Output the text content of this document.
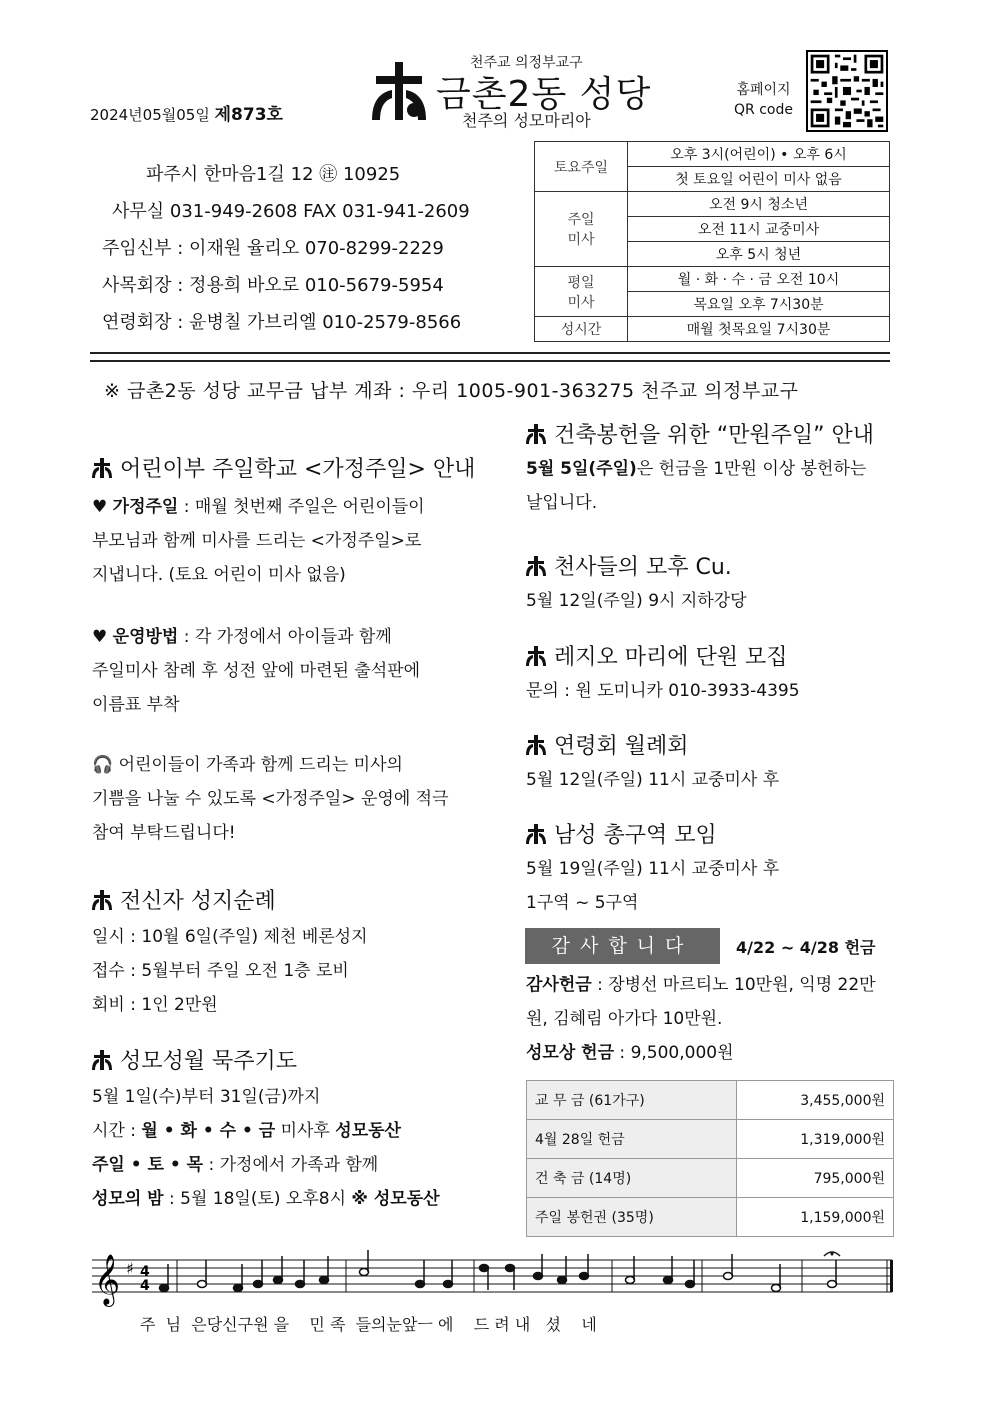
2024년05월05일 제873호
천주교 의정부교구
금촌2동 성당
천주의 성모마리아
홈페이지
QR code
파주시 한마음1길 12 ㊟ 10925
사무실 031-949-2608 FAX 031-941-2609
주임신부 : 이재원 율리오 070-8299-2229
사목회장 : 정용희 바오로 010-5679-5954
연령회장 : 윤병칠 가브리엘 010-2579-8566
토요주일	오후 3시(어린이) • 오후 6시
	첫 토요일 어린이 미사 없음
주일
미사	오전 9시 청소년
	오전 11시 교중미사
	오후 5시 청년
평일
미사	월 · 화 · 수 · 금 오전 10시
	목요일 오후 7시30분
성시간	매월 첫목요일 7시30분
※ 금촌2동 성당 교무금 납부 계좌 : 우리 1005-901-363275 천주교 의정부교구
어린이부 주일학교 <가정주일> 안내
♥ 가정주일 : 매월 첫번째 주일은 어린이들이
부모님과 함께 미사를 드리는 <가정주일>로
지냅니다. (토요 어린이 미사 없음)
♥ 운영방법 : 각 가정에서 아이들과 함께
주일미사 참례 후 성전 앞에 마련된 출석판에
이름표 부착
🎧 어린이들이 가족과 함께 드리는 미사의
기쁨을 나눌 수 있도록 <가정주일> 운영에 적극
참여 부탁드립니다!
전신자 성지순례
일시 : 10월 6일(주일) 제천 베론성지
접수 : 5월부터 주일 오전 1층 로비
회비 : 1인 2만원
성모성월 묵주기도
5월 1일(수)부터 31일(금)까지
시간 : 월 • 화 • 수 • 금 미사후 성모동산
주일 • 토 • 목 : 가정에서 가족과 함께
성모의 밤 : 5월 18일(토) 오후8시 ※ 성모동산
건축봉헌을 위한 “만원주일” 안내
5월 5일(주일)은 헌금을 1만원 이상 봉헌하는
날입니다.
천사들의 모후 Cu.
5월 12일(주일) 9시 지하강당
레지오 마리에 단원 모집
문의 : 원 도미니카 010-3933-4395
연령회 월례회
5월 12일(주일) 11시 교중미사 후
남성 총구역 모임
5월 19일(주일) 11시 교중미사 후
1구역 ~ 5구역
감사합니다	4/22 ~ 4/28 헌금
감사헌금 : 장병선 마르티노 10만원, 익명 22만
원, 김혜림 아가다 10만원.
성모상 헌금 : 9,500,000원
교 무 금 (61가구)	3,455,000원
4월 28일 헌금	1,319,000원
건 축 금 (14명)	795,000원
주일 봉헌권 (35명)	1,159,000원
𝄞 ♯ 4
4
주  님  은당신구원 을    민 족  들의눈앞ㅡ 에    드 려 내   셨    네
